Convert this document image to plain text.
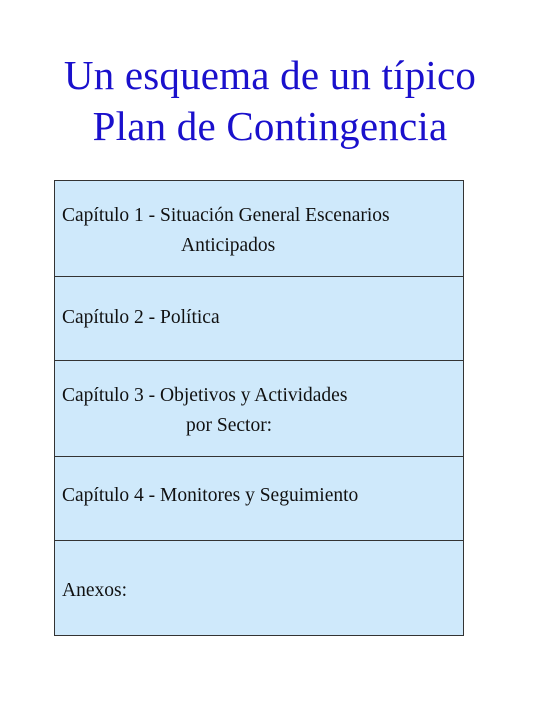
Un esquema de un típico
Plan de Contingencia
Capítulo 1 - Situación General Escenarios
Anticipados
Capítulo 2 - Política
Capítulo 3 - Objetivos y Actividades
por Sector:
Capítulo 4 - Monitores y Seguimiento
Anexos:
